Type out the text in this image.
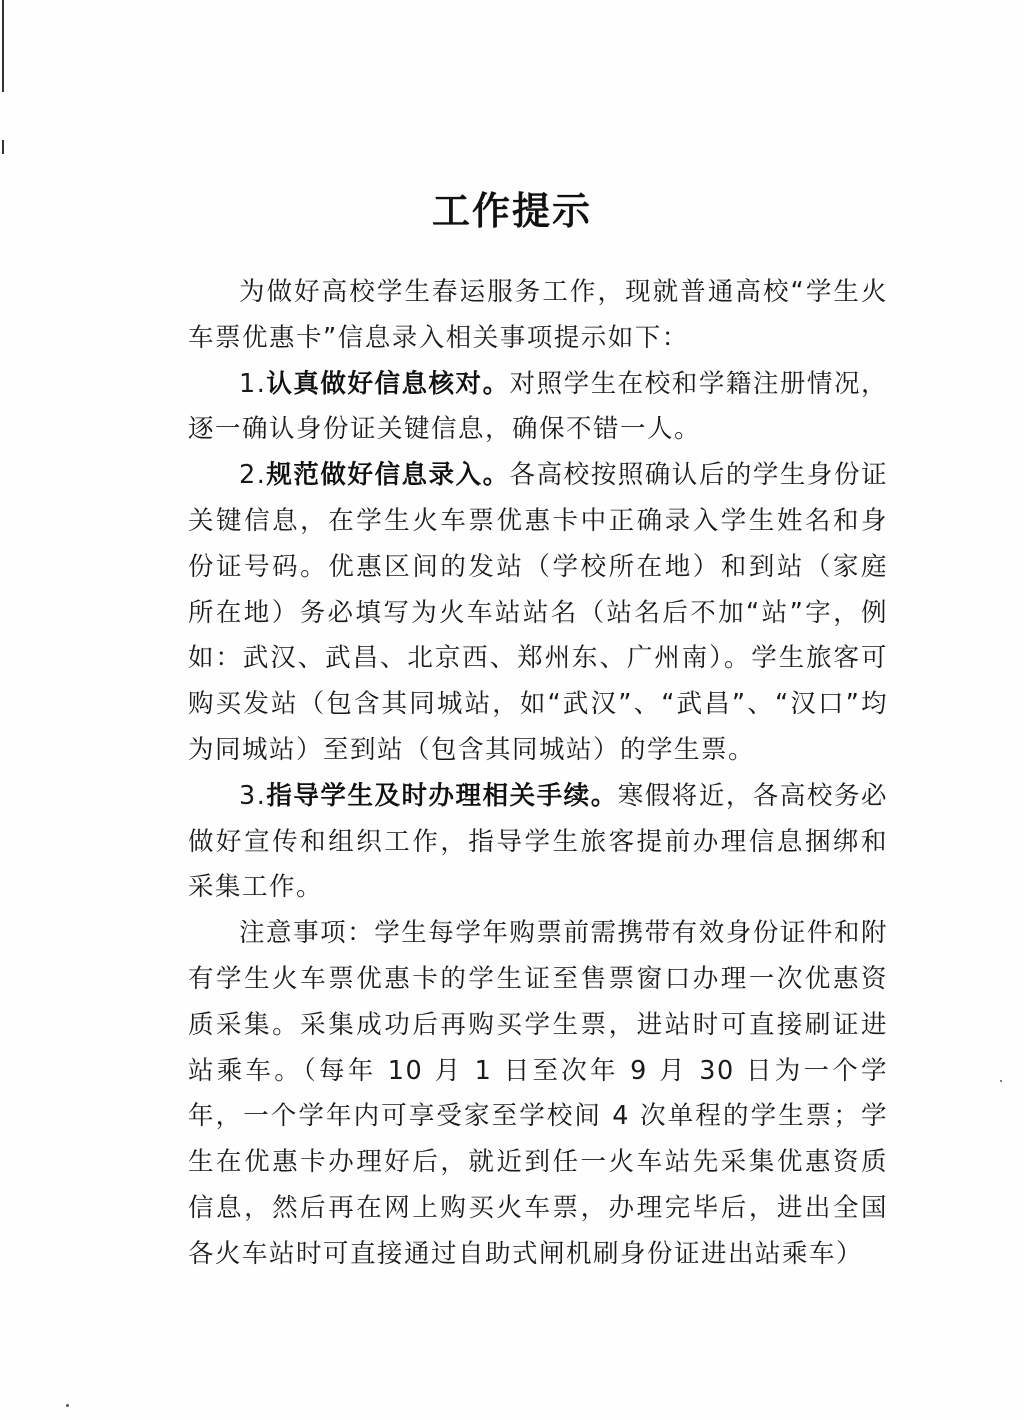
工作提示

为做好高校学生春运服务工作，现就普通高校“学生火车票优惠卡”信息录入相关事项提示如下：

1.认真做好信息核对。对照学生在校和学籍注册情况，逐一确认身份证关键信息，确保不错一人。

2.规范做好信息录入。各高校按照确认后的学生身份证关键信息，在学生火车票优惠卡中正确录入学生姓名和身份证号码。优惠区间的发站（学校所在地）和到站（家庭所在地）务必填写为火车站站名（站名后不加“站”字，例如：武汉、武昌、北京西、郑州东、广州南）。学生旅客可购买发站（包含其同城站，如“武汉”、“武昌”、“汉口”均为同城站）至到站（包含其同城站）的学生票。

3.指导学生及时办理相关手续。寒假将近，各高校务必做好宣传和组织工作，指导学生旅客提前办理信息捆绑和采集工作。

注意事项：学生每学年购票前需携带有效身份证件和附有学生火车票优惠卡的学生证至售票窗口办理一次优惠资质采集。采集成功后再购买学生票，进站时可直接刷证进站乘车。（每年 10 月 1 日至次年 9 月 30 日为一个学年，一个学年内可享受家至学校间 4 次单程的学生票；学生在优惠卡办理好后，就近到任一火车站先采集优惠资质信息，然后再在网上购买火车票，办理完毕后，进出全国各火车站时可直接通过自助式闸机刷身份证进出站乘车）
